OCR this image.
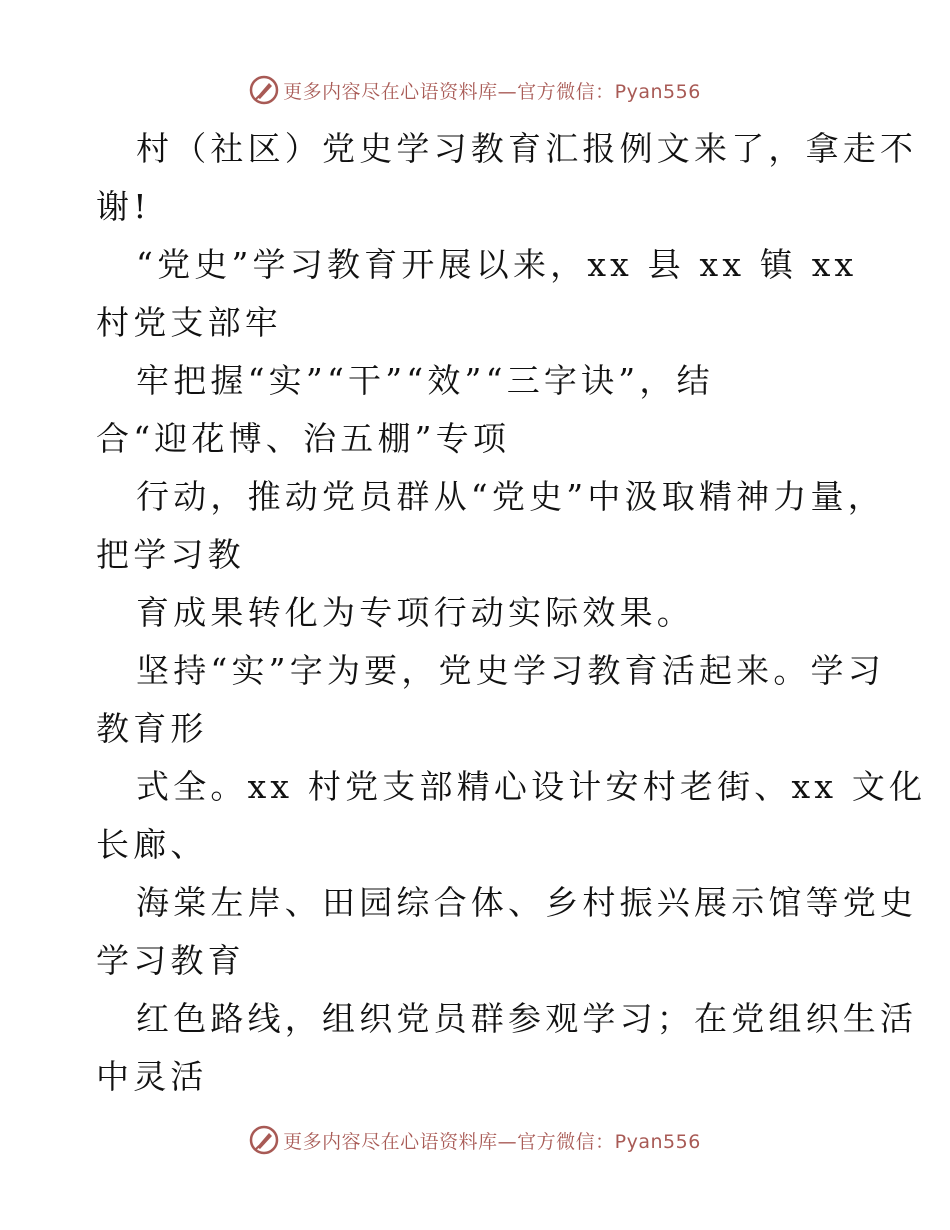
更多内容尽在心语资料库—官方微信：Pyan556
村（社区）党史学习教育汇报例文来了，拿走不
谢!
“党史”学习教育开展以来，xx 县 xx 镇 xx
村党支部牢
牢把握“实”“干”“效”“三字诀”，结
合“迎花博、治五棚”专项
行动，推动党员群从“党史”中汲取精神力量，
把学习教
育成果转化为专项行动实际效果。
坚持“实”字为要，党史学习教育活起来。学习
教育形
式全。xx 村党支部精心设计安村老街、xx 文化
长廊、
海棠左岸、田园综合体、乡村振兴展示馆等党史
学习教育
红色路线，组织党员群参观学习；在党组织生活
中灵活
更多内容尽在心语资料库—官方微信：Pyan556
